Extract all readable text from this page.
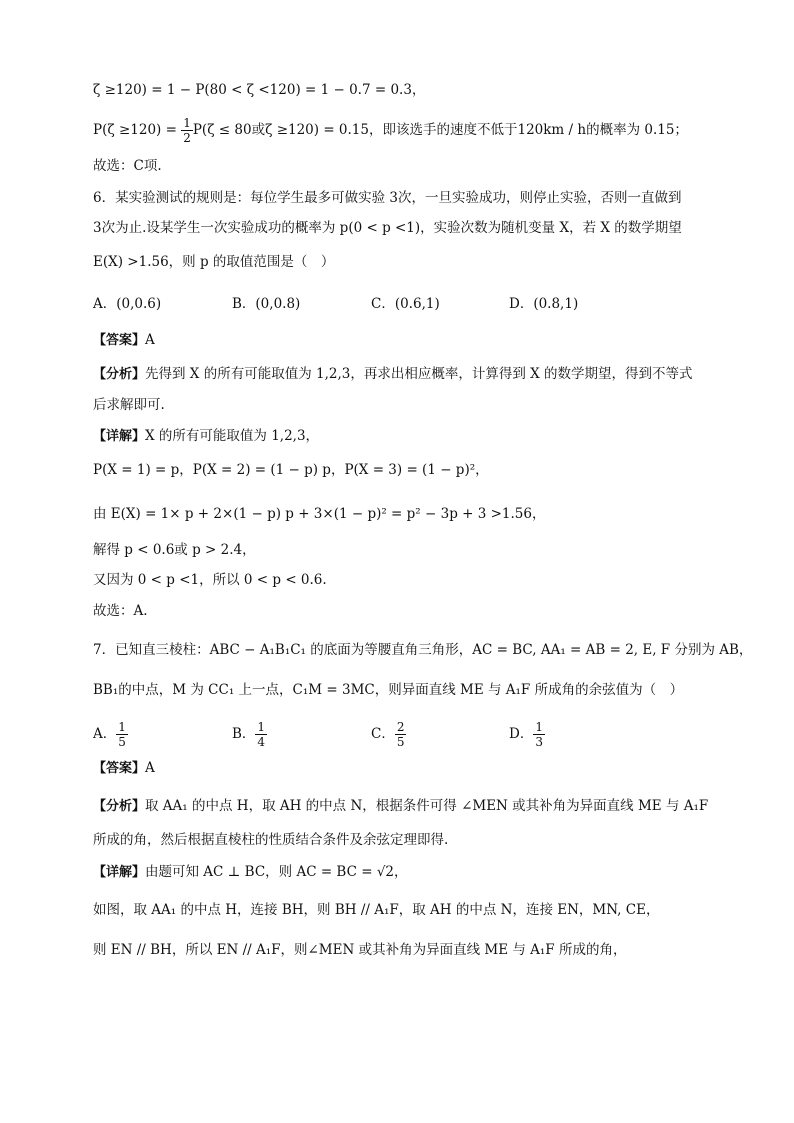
ζ ≥120) = 1 − P(80 < ζ <120) = 1 − 0.7 = 0.3，
$P(\zeta \ge 120) = \frac{1}{2} P(\zeta \le 80$或ζ ≥120) = 0.15，即该选手的速度不低于120km / h的概率为 0.15；
故选：C项.
6．某实验测试的规则是：每位学生最多可做实验 3次，一旦实验成功，则停止实验，否则一直做到
3次为止.设某学生一次实验成功的概率为 p(0 < p <1)，实验次数为随机变量 X，若 X 的数学期望
E(X) >1.56，则 p 的取值范围是（　）
A．(0,0.6)	B．(0,0.8)	C．(0.6,1)	D．(0.8,1)
【答案】A
【分析】先得到 X 的所有可能取值为 1,2,3，再求出相应概率，计算得到 X 的数学期望，得到不等式
后求解即可.
【详解】X 的所有可能取值为 1,2,3，
P(X = 1) = p，P(X = 2) = (1 − p) p，P(X = 3) = (1 − p)²，
由 E(X) = 1× p + 2×(1 − p) p + 3×(1 − p)² = p² − 3p + 3 >1.56，
解得 p < 0.6或 p > 2.4，
又因为 0 < p <1，所以 0 < p < 0.6.
故选：A.
7．已知直三棱柱：ABC − A₁B₁C₁ 的底面为等腰直角三角形，AC = BC, AA₁ = AB = 2, E, F 分别为 AB，
BB₁的中点，M 为 CC₁ 上一点，C₁M = 3MC，则异面直线 ME 与 A₁F 所成角的余弦值为（　）
A． $\frac{1}{5}$	B． $\frac{1}{4}$	C． $\frac{2}{5}$	D． $\frac{1}{3}$
【答案】A
【分析】取 AA₁ 的中点 H，取 AH 的中点 N，根据条件可得 ∠MEN 或其补角为异面直线 ME 与 A₁F
所成的角，然后根据直棱柱的性质结合条件及余弦定理即得.
【详解】由题可知 AC ⊥ BC，则 AC = BC = √2，
如图，取 AA₁ 的中点 H，连接 BH，则 BH // A₁F，取 AH 的中点 N，连接 EN，MN, CE，
则 EN // BH，所以 EN // A₁F，则∠MEN 或其补角为异面直线 ME 与 A₁F 所成的角，
